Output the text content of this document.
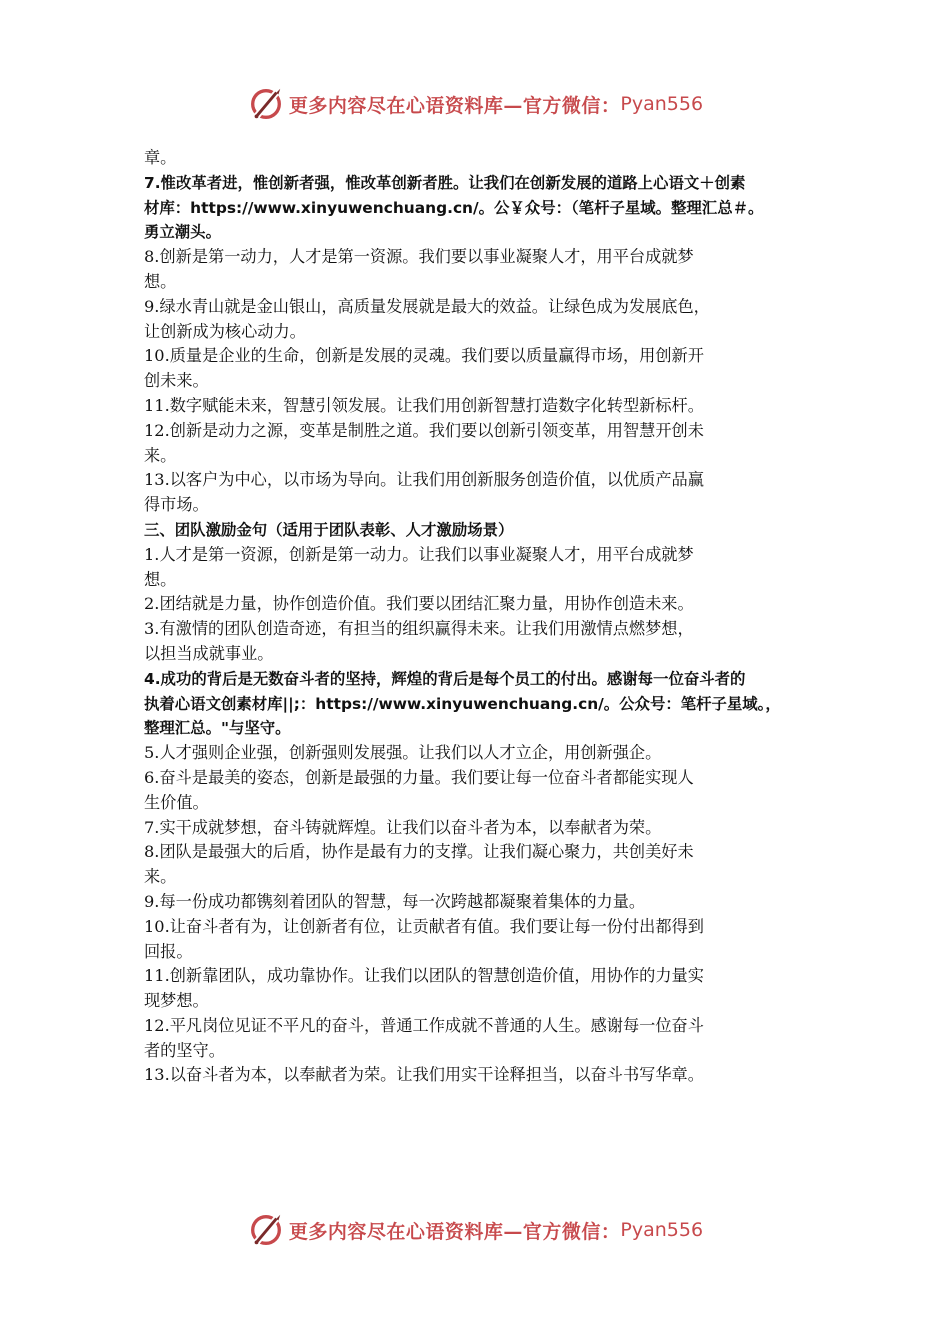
更多内容尽在心语资料库—官方微信： Pyan556
章。
7.惟改革者进，惟创新者强，惟改革创新者胜。让我们在创新发展的道路上心语文＋创素
材库：https://www.xinyuwenchuang.cn/。公￥众号：（笔杆子星域。整理汇总＃。
勇立潮头。
8.创新是第一动力，人才是第一资源。我们要以事业凝聚人才，用平台成就梦
想。
9.绿水青山就是金山银山，高质量发展就是最大的效益。让绿色成为发展底色，
让创新成为核心动力。
10.质量是企业的生命，创新是发展的灵魂。我们要以质量赢得市场，用创新开
创未来。
11.数字赋能未来，智慧引领发展。让我们用创新智慧打造数字化转型新标杆。
12.创新是动力之源，变革是制胜之道。我们要以创新引领变革，用智慧开创未
来。
13.以客户为中心，以市场为导向。让我们用创新服务创造价值，以优质产品赢
得市场。
三、团队激励金句（适用于团队表彰、人才激励场景）
1.人才是第一资源，创新是第一动力。让我们以事业凝聚人才，用平台成就梦
想。
2.团结就是力量，协作创造价值。我们要以团结汇聚力量，用协作创造未来。
3.有激情的团队创造奇迹，有担当的组织赢得未来。让我们用激情点燃梦想，
以担当成就事业。
4.成功的背后是无数奋斗者的坚持，辉煌的背后是每个员工的付出。感谢每一位奋斗者的
执着心语文创素材库||;：https://www.xinyuwenchuang.cn/。公众号：笔杆子星域。，
整理汇总。"与坚守。
5.人才强则企业强，创新强则发展强。让我们以人才立企，用创新强企。
6.奋斗是最美的姿态，创新是最强的力量。我们要让每一位奋斗者都能实现人
生价值。
7.实干成就梦想，奋斗铸就辉煌。让我们以奋斗者为本，以奉献者为荣。
8.团队是最强大的后盾，协作是最有力的支撑。让我们凝心聚力，共创美好未
来。
9.每一份成功都镌刻着团队的智慧，每一次跨越都凝聚着集体的力量。
10.让奋斗者有为，让创新者有位，让贡献者有值。我们要让每一份付出都得到
回报。
11.创新靠团队，成功靠协作。让我们以团队的智慧创造价值，用协作的力量实
现梦想。
12.平凡岗位见证不平凡的奋斗，普通工作成就不普通的人生。感谢每一位奋斗
者的坚守。
13.以奋斗者为本，以奉献者为荣。让我们用实干诠释担当，以奋斗书写华章。
更多内容尽在心语资料库—官方微信： Pyan556
